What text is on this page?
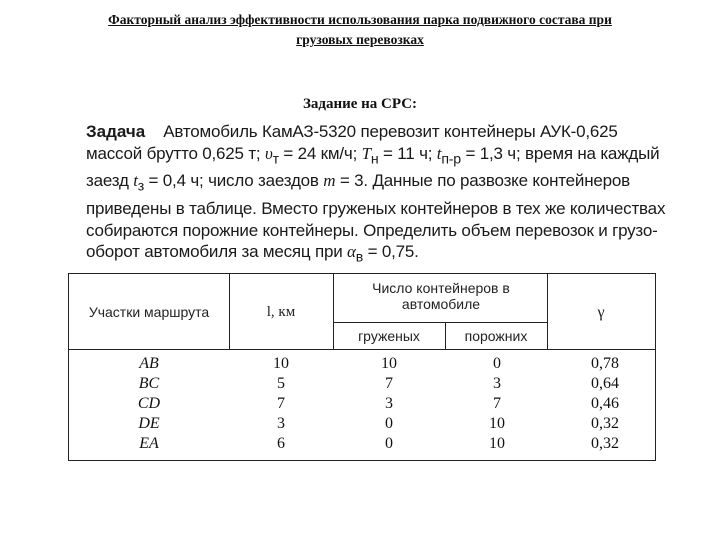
Факторный анализ эффективности использования парка подвижного состава при
грузовых перевозках
Задание на СРС:
Задача Автомобиль КамАЗ-5320 перевозит контейнеры АУК-0,625
массой брутто 0,625 т; $\upsilon_т = 24$ км/ч; $T_н = 11$ ч; $t_{п-р} = 1,3$ ч; время на каждый
заезд $t_з = 0,4$ ч; число заездов m = 3. Данные по развозке контейнеров
приведены в таблице. Вместо груженых контейнеров в тех же количествах
собираются порожние контейнеры. Определить объем перевозок и грузо-
оборот автомобиля за месяц при $\alpha_в = 0,75$.
Участки маршрута	l, км
Число контейнеров в автомобиле
груженых	порожних
γ
AB
BC
CD
DE
EA
10
5
7
3
6
10
7
3
0
0
0
3
7
10
10
0,78
0,64
0,46
0,32
0,32
